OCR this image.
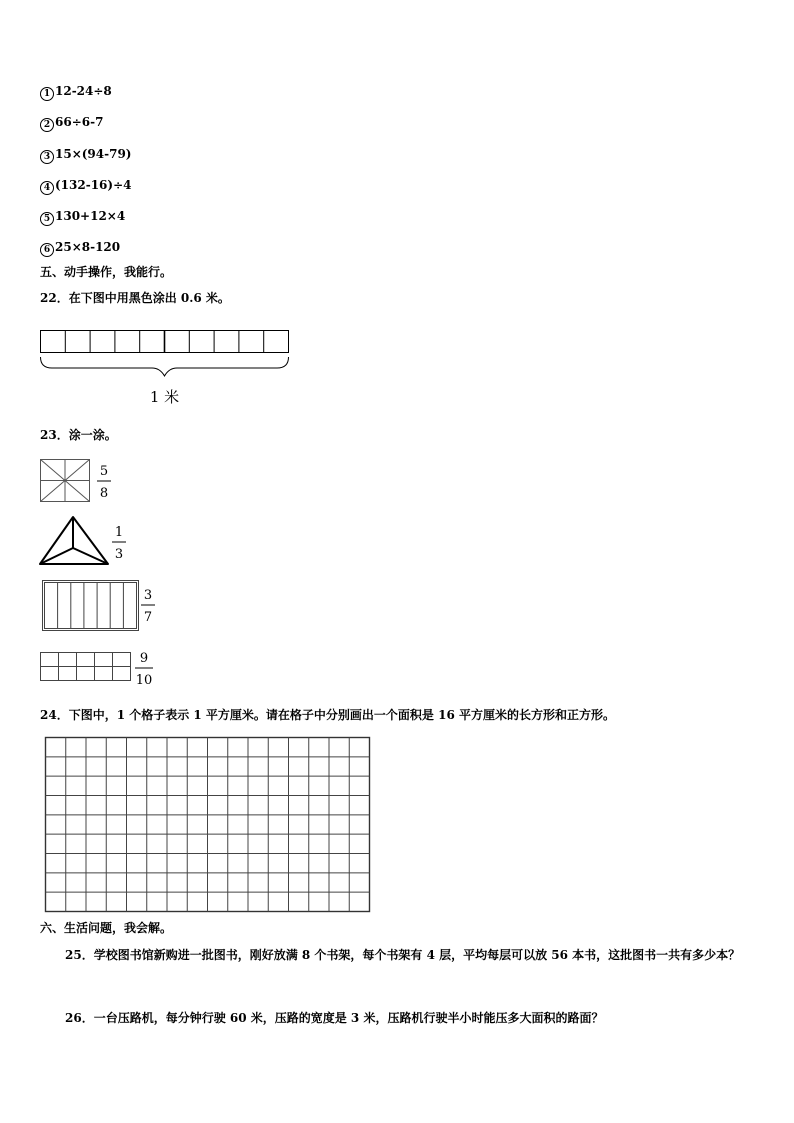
1 12-24÷8
2 66÷6-7
3 15×(94-79)
4 (132-16)÷4
5 130+12×4
6 25×8-120
五、动手操作，我能行。
22．在下图中用黑色涂出 0.6 米。
1 米
23．涂一涂。
5
8
1
3
3
7
9
10
24．下图中，1 个格子表示 1 平方厘米。请在格子中分别画出一个面积是 16 平方厘米的长方形和正方形。
六、生活问题，我会解。

25．学校图书馆新购进一批图书，刚好放满 8 个书架，每个书架有 4 层，平均每层可以放 56 本书，这批图书一共有多少本？

26．一台压路机，每分钟行驶 60 米，压路的宽度是 3 米，压路机行驶半小时能压多大面积的路面？
